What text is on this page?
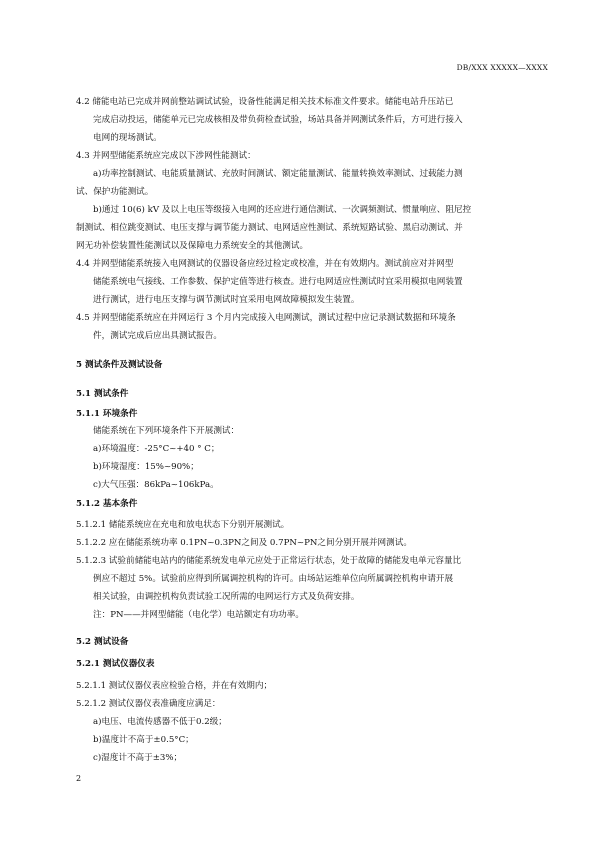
DB/XXX XXXXX—XXXX
4.2 储能电站已完成并网前整站调试试验，设备性能满足相关技术标准文件要求。储能电站升压站已
完成启动投运，储能单元已完成核相及带负荷检查试验，场站具备并网测试条件后，方可进行接入
电网的现场测试。
4.3 并网型储能系统应完成以下涉网性能测试：
a)功率控制测试、电能质量测试、充放时间测试、额定能量测试、能量转换效率测试、过载能力测
试、保护功能测试。
b)通过 10(6) kV 及以上电压等级接入电网的还应进行通信测试、一次调频测试、惯量响应、阻尼控
制测试、相位跳变测试、电压支撑与调节能力测试、电网适应性测试、系统短路试验、黑启动测试、并
网无功补偿装置性能测试以及保障电力系统安全的其他测试。
4.4 并网型储能系统接入电网测试的仪器设备应经过检定或校准，并在有效期内。测试前应对并网型
储能系统电气接线、工作参数、保护定值等进行核查。进行电网适应性测试时宜采用模拟电网装置
进行测试，进行电压支撑与调节测试时宜采用电网故障模拟发生装置。
4.5 并网型储能系统应在并网运行 3 个月内完成接入电网测试，测试过程中应记录测试数据和环境条
件，测试完成后应出具测试报告。
5 测试条件及测试设备
5.1 测试条件
5.1.1 环境条件
储能系统在下列环境条件下开展测试：
a)环境温度：-25°C~+40 ° C；
b)环境湿度：15%~90%；
c)大气压强：86kPa~106kPa。
5.1.2 基本条件
5.1.2.1 储能系统应在充电和放电状态下分别开展测试。
5.1.2.2 应在储能系统功率 0.1PN~0.3PN之间及 0.7PN~PN之间分别开展并网测试。
5.1.2.3 试验前储能电站内的储能系统发电单元应处于正常运行状态，处于故障的储能发电单元容量比
例应不超过 5%。试验前应得到所属调控机构的许可。由场站运维单位向所属调控机构申请开展
相关试验，由调控机构负责试验工况所需的电网运行方式及负荷安排。
注：PN——并网型储能（电化学）电站额定有功功率。
5.2 测试设备
5.2.1 测试仪器仪表
5.2.1.1 测试仪器仪表应检验合格，并在有效期内；
5.2.1.2 测试仪器仪表准确度应满足：
a)电压、电流传感器不低于0.2级；
b)温度计不高于±0.5°C；
c)湿度计不高于±3%；
2
